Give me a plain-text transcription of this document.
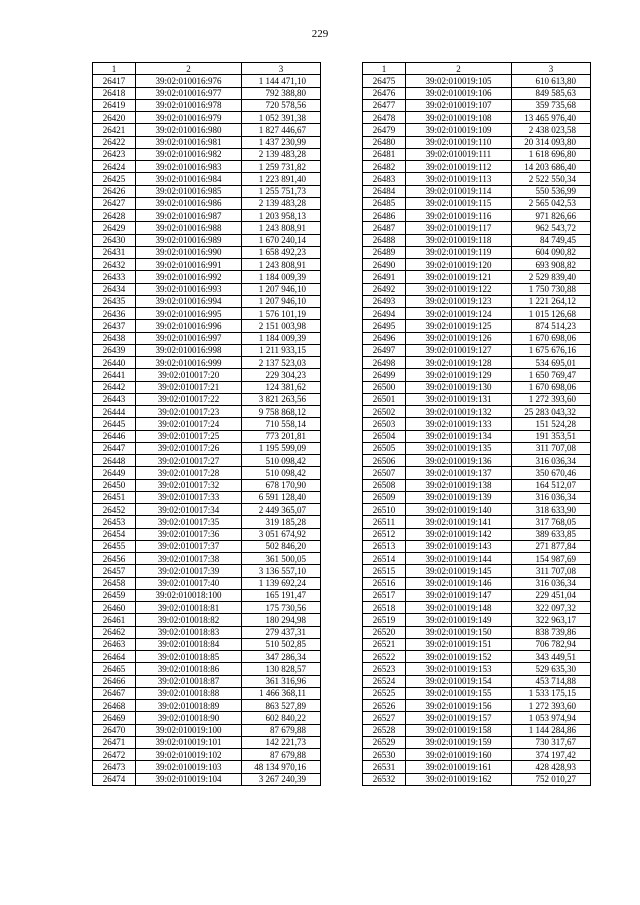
229
1	2	3
26417	39:02:010016:976	1 144 471,10
26418	39:02:010016:977	792 388,80
26419	39:02:010016:978	720 578,56
26420	39:02:010016:979	1 052 391,38
26421	39:02:010016:980	1 827 446,67
26422	39:02:010016:981	1 437 230,99
26423	39:02:010016:982	2 139 483,28
26424	39:02:010016:983	1 259 731,82
26425	39:02:010016:984	1 223 891,40
26426	39:02:010016:985	1 255 751,73
26427	39:02:010016:986	2 139 483,28
26428	39:02:010016:987	1 203 958,13
26429	39:02:010016:988	1 243 808,91
26430	39:02:010016:989	1 670 240,14
26431	39:02:010016:990	1 658 492,23
26432	39:02:010016:991	1 243 808,91
26433	39:02:010016:992	1 184 009,39
26434	39:02:010016:993	1 207 946,10
26435	39:02:010016:994	1 207 946,10
26436	39:02:010016:995	1 576 101,19
26437	39:02:010016:996	2 151 003,98
26438	39:02:010016:997	1 184 009,39
26439	39:02:010016:998	1 211 933,15
26440	39:02:010016:999	2 137 523,03
26441	39:02:010017:20	229 304,23
26442	39:02:010017:21	124 381,62
26443	39:02:010017:22	3 821 263,56
26444	39:02:010017:23	9 758 868,12
26445	39:02:010017:24	710 558,14
26446	39:02:010017:25	773 201,81
26447	39:02:010017:26	1 195 599,09
26448	39:02:010017:27	510 098,42
26449	39:02:010017:28	510 098,42
26450	39:02:010017:32	678 170,90
26451	39:02:010017:33	6 591 128,40
26452	39:02:010017:34	2 449 365,07
26453	39:02:010017:35	319 185,28
26454	39:02:010017:36	3 051 674,92
26455	39:02:010017:37	502 846,20
26456	39:02:010017:38	361 500,05
26457	39:02:010017:39	3 136 557,10
26458	39:02:010017:40	1 139 692,24
26459	39:02:010018:100	165 191,47
26460	39:02:010018:81	175 730,56
26461	39:02:010018:82	180 294,98
26462	39:02:010018:83	279 437,31
26463	39:02:010018:84	510 502,85
26464	39:02:010018:85	347 286,34
26465	39:02:010018:86	130 828,57
26466	39:02:010018:87	361 316,96
26467	39:02:010018:88	1 466 368,11
26468	39:02:010018:89	863 527,89
26469	39:02:010018:90	602 840,22
26470	39:02:010019:100	87 679,88
26471	39:02:010019:101	142 221,73
26472	39:02:010019:102	87 679,88
26473	39:02:010019:103	48 134 970,16
26474	39:02:010019:104	3 267 240,39
1	2	3
26475	39:02:010019:105	610 613,80
26476	39:02:010019:106	849 585,63
26477	39:02:010019:107	359 735,68
26478	39:02:010019:108	13 465 976,40
26479	39:02:010019:109	2 438 023,58
26480	39:02:010019:110	20 314 093,80
26481	39:02:010019:111	1 618 696,80
26482	39:02:010019:112	14 203 686,40
26483	39:02:010019:113	2 522 550,34
26484	39:02:010019:114	550 536,99
26485	39:02:010019:115	2 565 042,53
26486	39:02:010019:116	971 826,66
26487	39:02:010019:117	962 543,72
26488	39:02:010019:118	84 749,45
26489	39:02:010019:119	604 090,82
26490	39:02:010019:120	693 908,82
26491	39:02:010019:121	2 529 839,40
26492	39:02:010019:122	1 750 730,88
26493	39:02:010019:123	1 221 264,12
26494	39:02:010019:124	1 015 126,68
26495	39:02:010019:125	874 514,23
26496	39:02:010019:126	1 670 698,06
26497	39:02:010019:127	1 675 676,16
26498	39:02:010019:128	534 695,01
26499	39:02:010019:129	1 650 769,47
26500	39:02:010019:130	1 670 698,06
26501	39:02:010019:131	1 272 393,60
26502	39:02:010019:132	25 283 043,32
26503	39:02:010019:133	151 524,28
26504	39:02:010019:134	191 353,51
26505	39:02:010019:135	311 707,08
26506	39:02:010019:136	316 036,34
26507	39:02:010019:137	350 670,46
26508	39:02:010019:138	164 512,07
26509	39:02:010019:139	316 036,34
26510	39:02:010019:140	318 633,90
26511	39:02:010019:141	317 768,05
26512	39:02:010019:142	389 633,85
26513	39:02:010019:143	271 877,84
26514	39:02:010019:144	154 987,69
26515	39:02:010019:145	311 707,08
26516	39:02:010019:146	316 036,34
26517	39:02:010019:147	229 451,04
26518	39:02:010019:148	322 097,32
26519	39:02:010019:149	322 963,17
26520	39:02:010019:150	838 739,86
26521	39:02:010019:151	706 782,94
26522	39:02:010019:152	343 449,51
26523	39:02:010019:153	529 635,30
26524	39:02:010019:154	453 714,88
26525	39:02:010019:155	1 533 175,15
26526	39:02:010019:156	1 272 393,60
26527	39:02:010019:157	1 053 974,94
26528	39:02:010019:158	1 144 284,86
26529	39:02:010019:159	730 317,67
26530	39:02:010019:160	374 197,42
26531	39:02:010019:161	428 428,93
26532	39:02:010019:162	752 010,27
